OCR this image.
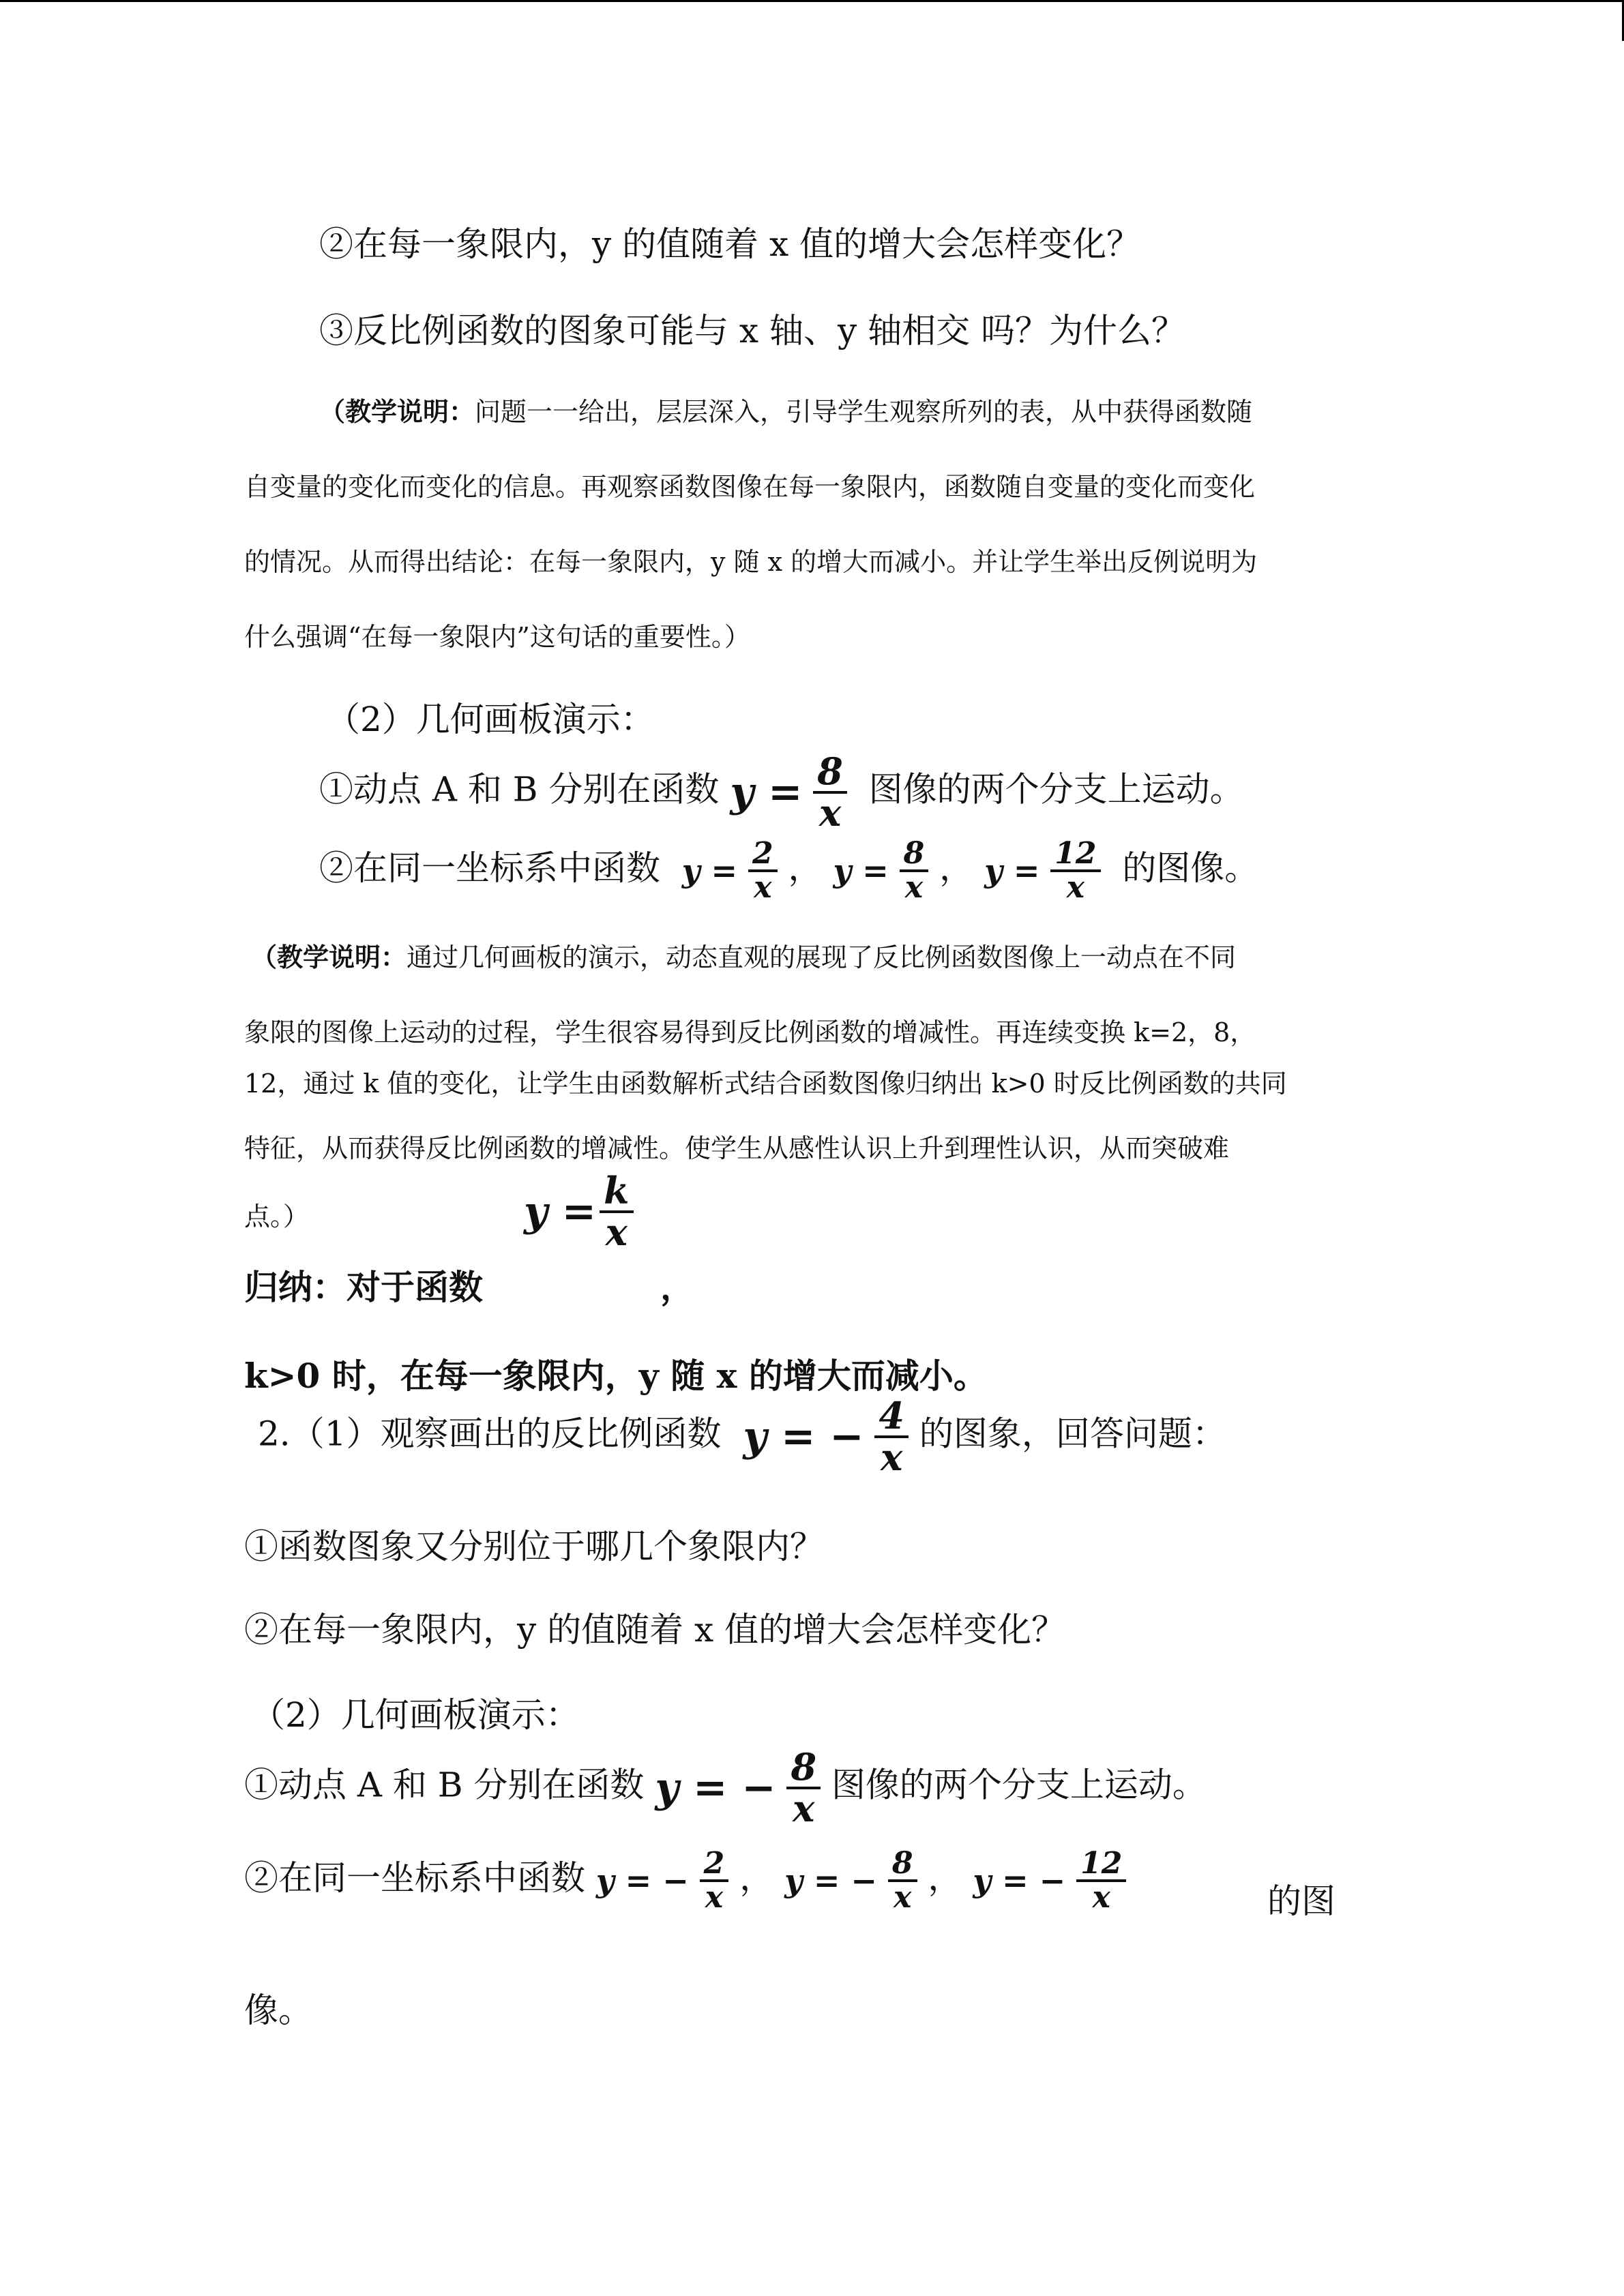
②在每一象限内，y 的值随着 x 值的增大会怎样变化？
③反比例函数的图象可能与 x 轴、y 轴相交 吗？为什么？
（教学说明：问题一一给出，层层深入，引导学生观察所列的表，从中获得函数随
自变量的变化而变化的信息。再观察函数图像在每一象限内，函数随自变量的变化而变化
的情况。从而得出结论：在每一象限内，y 随 x 的增大而减小。并让学生举出反例说明为
什么强调“在每一象限内”这句话的重要性。）
（2）几何画板演示：
①动点 A 和 B 分别在函数 $y = \frac{8}{x}$ 图像的两个分支上运动。
②在同一坐标系中函数 $y = \frac{2}{x}$ ， $y = \frac{8}{x}$ ， $y = \frac{12}{x}$ 的图像。
（教学说明：通过几何画板的演示，动态直观的展现了反比例函数图像上一动点在不同
象限的图像上运动的过程，学生很容易得到反比例函数的增减性。再连续变换 k=2，8，
12，通过 k 值的变化，让学生由函数解析式结合函数图像归纳出 k>0 时反比例函数的共同
特征，从而获得反比例函数的增减性。使学生从感性认识上升到理性认识，从而突破难
点。）	$y = \frac{k}{x}$
归纳：对于函数	，
k>0 时，在每一象限内，y 随 x 的增大而减小。
2.（1）观察画出的反比例函数 y = − $\frac{4}{x}$ 的图象，回答问题：
①函数图象又分别位于哪几个象限内？
②在每一象限内，y 的值随着 x 值的增大会怎样变化？
（2）几何画板演示：
①动点 A 和 B 分别在函数 y = − $\frac{8}{x}$ 图像的两个分支上运动。
②在同一坐标系中函数 y = − $\frac{2}{x}$ ， y = − $\frac{8}{x}$ ， y = − $\frac{12}{x}$	的图
像。
